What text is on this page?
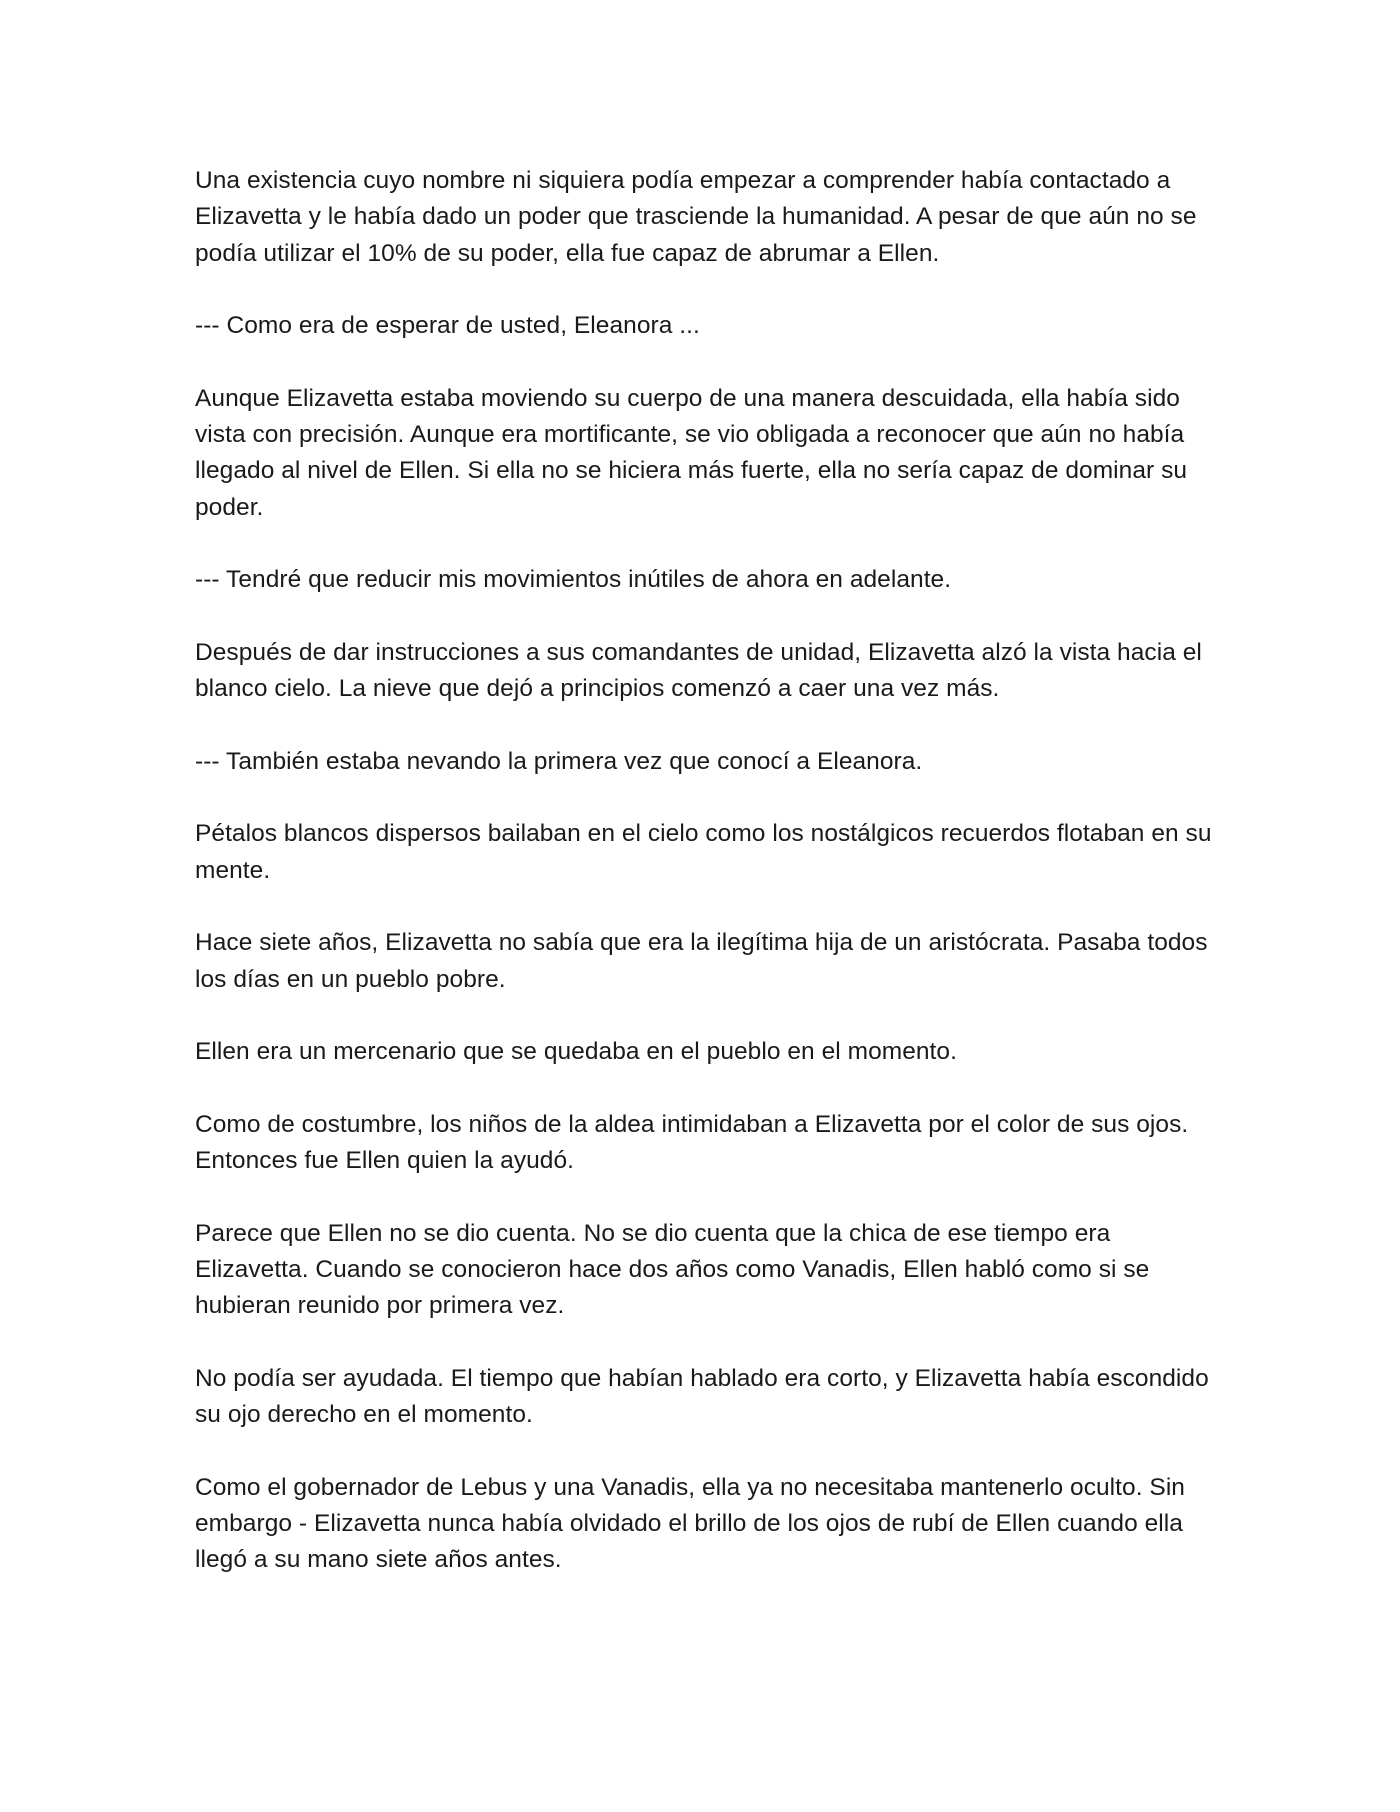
Una existencia cuyo nombre ni siquiera podía empezar a comprender había contactado a Elizavetta y le había dado un poder que trasciende la humanidad. A pesar de que aún no se podía utilizar el 10% de su poder, ella fue capaz de abrumar a Ellen.

--- Como era de esperar de usted, Eleanora ...

Aunque Elizavetta estaba moviendo su cuerpo de una manera descuidada, ella había sido vista con precisión. Aunque era mortificante, se vio obligada a reconocer que aún no había llegado al nivel de Ellen. Si ella no se hiciera más fuerte, ella no sería capaz de dominar su poder.

--- Tendré que reducir mis movimientos inútiles de ahora en adelante.

Después de dar instrucciones a sus comandantes de unidad, Elizavetta alzó la vista hacia el blanco cielo. La nieve que dejó a principios comenzó a caer una vez más.

--- También estaba nevando la primera vez que conocí a Eleanora.

Pétalos blancos dispersos bailaban en el cielo como los nostálgicos recuerdos flotaban en su mente.

Hace siete años, Elizavetta no sabía que era la ilegítima hija de un aristócrata. Pasaba todos los días en un pueblo pobre.

Ellen era un mercenario que se quedaba en el pueblo en el momento.

Como de costumbre, los niños de la aldea intimidaban a Elizavetta por el color de sus ojos. Entonces fue Ellen quien la ayudó.

Parece que Ellen no se dio cuenta. No se dio cuenta que la chica de ese tiempo era Elizavetta. Cuando se conocieron hace dos años como Vanadis, Ellen habló como si se hubieran reunido por primera vez.

No podía ser ayudada. El tiempo que habían hablado era corto, y Elizavetta había escondido su ojo derecho en el momento.

Como el gobernador de Lebus y una Vanadis, ella ya no necesitaba mantenerlo oculto. Sin embargo - Elizavetta nunca había olvidado el brillo de los ojos de rubí de Ellen cuando ella llegó a su mano siete años antes.
